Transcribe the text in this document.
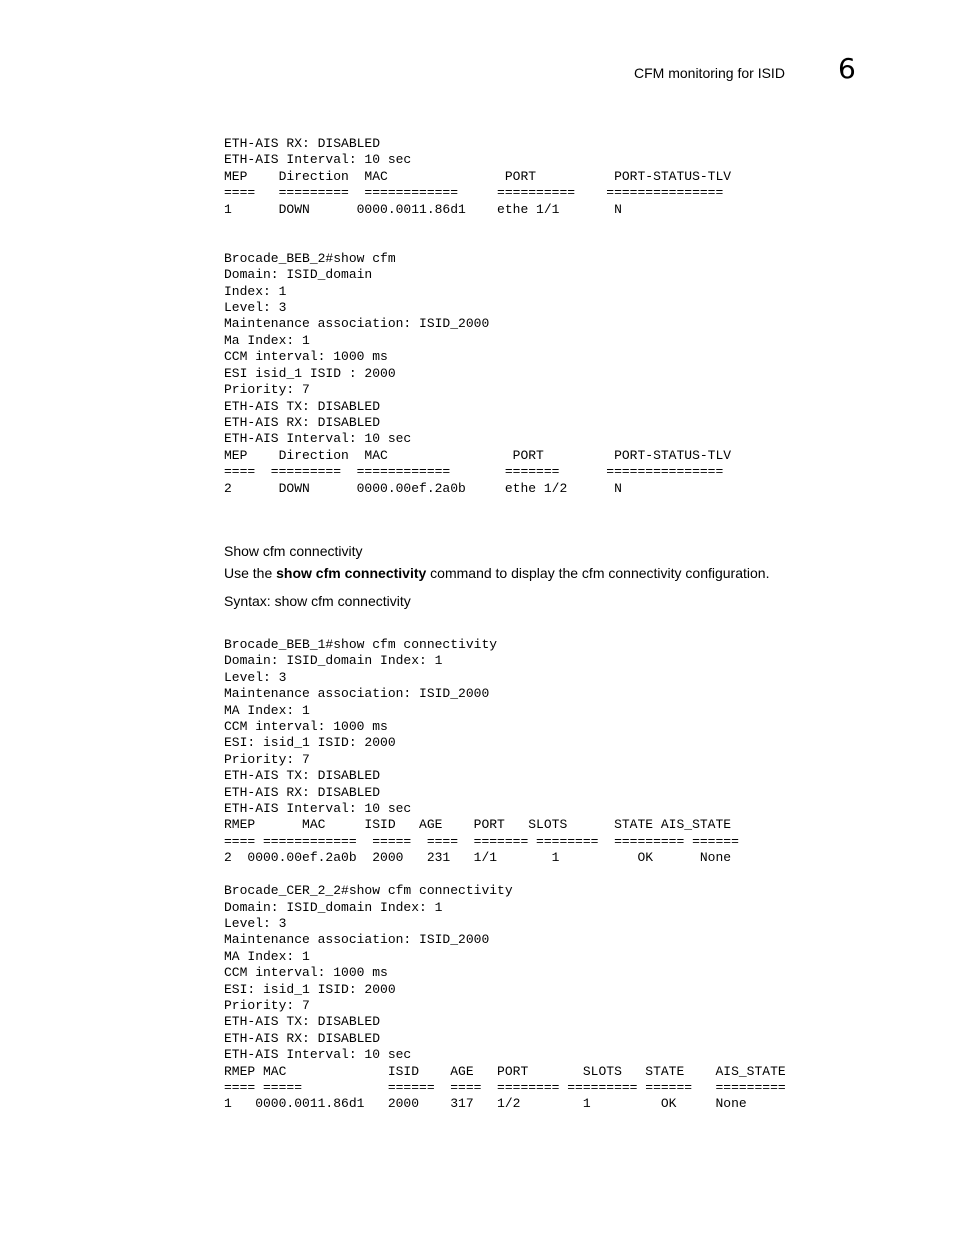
CFM monitoring for ISID 6
ETH-AIS RX: DISABLED
ETH-AIS Interval: 10 sec
MEP    Direction  MAC               PORT          PORT-STATUS-TLV
====   =========  ============     ==========    ===============
1      DOWN      0000.0011.86d1    ethe 1/1       N

Brocade_BEB_2#show cfm
Domain: ISID_domain
Index: 1
Level: 3
Maintenance association: ISID_2000
Ma Index: 1
CCM interval: 1000 ms
ESI isid_1 ISID : 2000
Priority: 7
ETH-AIS TX: DISABLED
ETH-AIS RX: DISABLED
ETH-AIS Interval: 10 sec
MEP    Direction  MAC                PORT         PORT-STATUS-TLV
====  =========  ============       =======      ===============
2      DOWN      0000.00ef.2a0b     ethe 1/2      N
Show cfm connectivity
Use the show cfm connectivity command to display the cfm connectivity configuration.
Syntax: show cfm connectivity
Brocade_BEB_1#show cfm connectivity
Domain: ISID_domain Index: 1
Level: 3
Maintenance association: ISID_2000
MA Index: 1
CCM interval: 1000 ms
ESI: isid_1 ISID: 2000
Priority: 7
ETH-AIS TX: DISABLED
ETH-AIS RX: DISABLED
ETH-AIS Interval: 10 sec
RMEP      MAC     ISID   AGE    PORT   SLOTS      STATE AIS_STATE
==== ============  =====  ====  ======= ========  ========= ======
2  0000.00ef.2a0b  2000   231   1/1       1          OK      None

Brocade_CER_2_2#show cfm connectivity
Domain: ISID_domain Index: 1
Level: 3
Maintenance association: ISID_2000
MA Index: 1
CCM interval: 1000 ms
ESI: isid_1 ISID: 2000
Priority: 7
ETH-AIS TX: DISABLED
ETH-AIS RX: DISABLED
ETH-AIS Interval: 10 sec
RMEP MAC             ISID    AGE   PORT       SLOTS   STATE    AIS_STATE
==== =====           ======  ====  ======== ========= ======   =========
1   0000.0011.86d1   2000    317   1/2        1         OK     None
